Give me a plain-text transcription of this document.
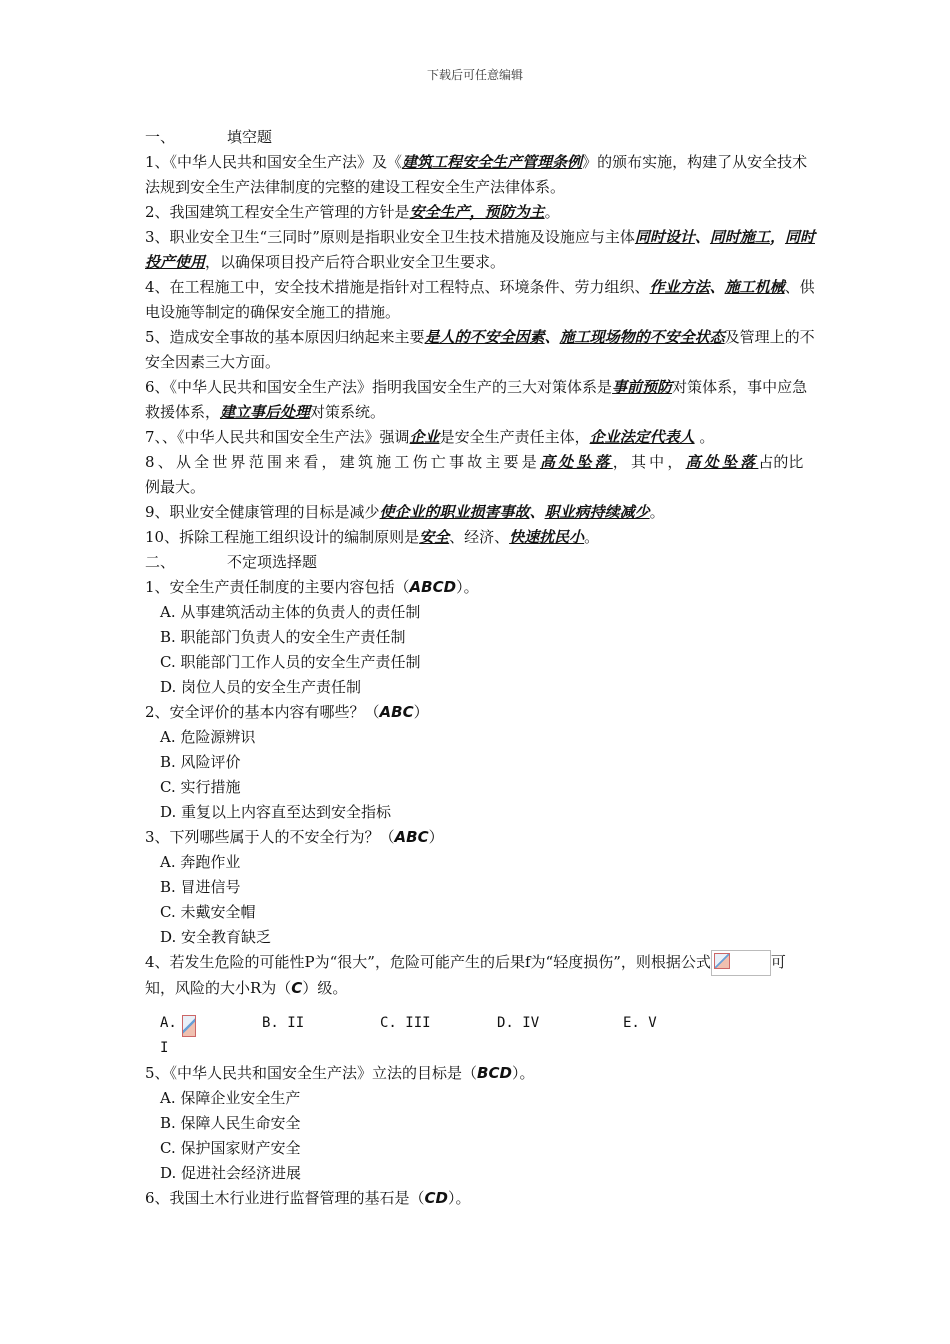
下载后可任意编辑

一、	填空题

1、《中华人民共和国安全生产法》及《建筑工程安全生产管理条例》的颁布实施，构建了从安全技术法规到安全生产法律制度的完整的建设工程安全生产法律体系。

2、我国建筑工程安全生产管理的方针是安全生产，预防为主。

3、职业安全卫生“三同时”原则是指职业安全卫生技术措施及设施应与主体同时设计、同时施工，同时投产使用，以确保项目投产后符合职业安全卫生要求。

4、在工程施工中，安全技术措施是指针对工程特点、环境条件、劳力组织、作业方法、施工机械、供电设施等制定的确保安全施工的措施。

5、造成安全事故的基本原因归纳起来主要是人的不安全因素、施工现场物的不安全状态及管理上的不安全因素三大方面。

6、《中华人民共和国安全生产法》指明我国安全生产的三大对策体系是事前预防对策体系，事中应急救援体系，建立事后处理对策系统。

7、、《中华人民共和国安全生产法》强调企业是安全生产责任主体，企业法定代表人 。

8、从全世界范围来看，建筑施工伤亡事故主要是高处坠落，其中，高处坠落占的比例最大。

9、职业安全健康管理的目标是减少使企业的职业损害事故、职业病持续减少。

10、拆除工程施工组织设计的编制原则是安全、经济、快速扰民小。

二、	不定项选择题

1、安全生产责任制度的主要内容包括（ABCD）。

A. 从事建筑活动主体的负责人的责任制

B. 职能部门负责人的安全生产责任制

C. 职能部门工作人员的安全生产责任制

D. 岗位人员的安全生产责任制

2、安全评价的基本内容有哪些？（ABC）

A. 危险源辨识

B. 风险评价

C. 实行措施

D. 重复以上内容直至达到安全指标

3、下列哪些属于人的不安全行为？（ABC）

A. 奔跑作业

B. 冒进信号

C. 未戴安全帽

D. 安全教育缺乏

4、若发生危险的可能性P为“很大”，危险可能产生的后果f为“轻度损伤”，则根据公式	可知，风险的大小R为（C）级。

A. I
B. II	C. III	D. IV	E. V

5、《中华人民共和国安全生产法》立法的目标是（BCD）。

A. 保障企业安全生产

B. 保障人民生命安全

C. 保护国家财产安全

D. 促进社会经济进展

6、我国土木行业进行监督管理的基石是（CD）。
